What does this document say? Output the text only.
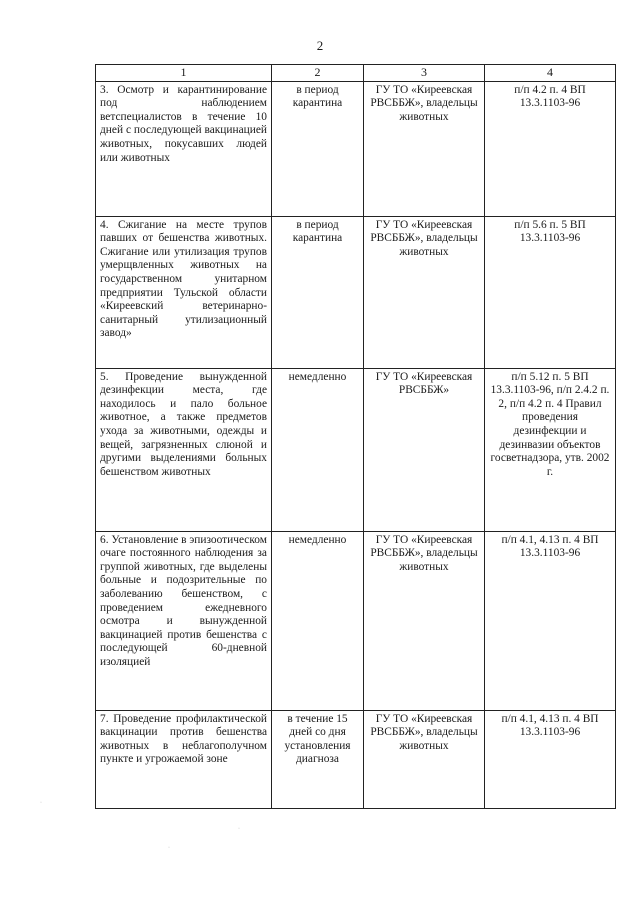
2
1	2	3	4
3. Осмотр и карантинирование под наблюдением ветспециалистов в течение 10 дней с последующей вакцинацией животных, покусавших людей или животных	в период карантина	ГУ ТО «Киреевская РВСББЖ», владельцы животных	п/п 4.2 п. 4 ВП 13.3.1103-96
4. Сжигание на месте трупов павших от бешенства животных. Сжигание или утилизация трупов умерщвленных животных на государственном унитарном предприятии Тульской области «Киреевский ветеринарно-санитарный утилизационный завод»	в период карантина	ГУ ТО «Киреевская РВСББЖ», владельцы животных	п/п 5.6 п. 5 ВП 13.3.1103-96
5. Проведение вынужденной дезинфекции места, где находилось и пало больное животное, а также предметов ухода за животными, одежды и вещей, загрязненных слюной и другими выделениями больных бешенством животных	немедленно	ГУ ТО «Киреевская РВСББЖ»	п/п 5.12 п. 5 ВП 13.3.1103-96, п/п 2.4.2 п. 2, п/п 4.2 п. 4 Правил проведения дезинфекции и дезинвазии объектов госветнадзора, утв. 2002 г.
6. Установление в эпизоотическом очаге постоянного наблюдения за группой животных, где выделены больные и подозрительные по заболеванию бешенством, с проведением ежедневного осмотра и вынужденной вакцинацией против бешенства с последующей 60-дневной изоляцией	немедленно	ГУ ТО «Киреевская РВСББЖ», владельцы животных	п/п 4.1, 4.13 п. 4 ВП 13.3.1103-96
7. Проведение профилактической вакцинации против бешенства животных в неблагополучном пункте и угрожаемой зоне	в течение 15 дней со дня установления диагноза	ГУ ТО «Киреевская РВСББЖ», владельцы животных	п/п 4.1, 4.13 п. 4 ВП 13.3.1103-96
·
·
·
